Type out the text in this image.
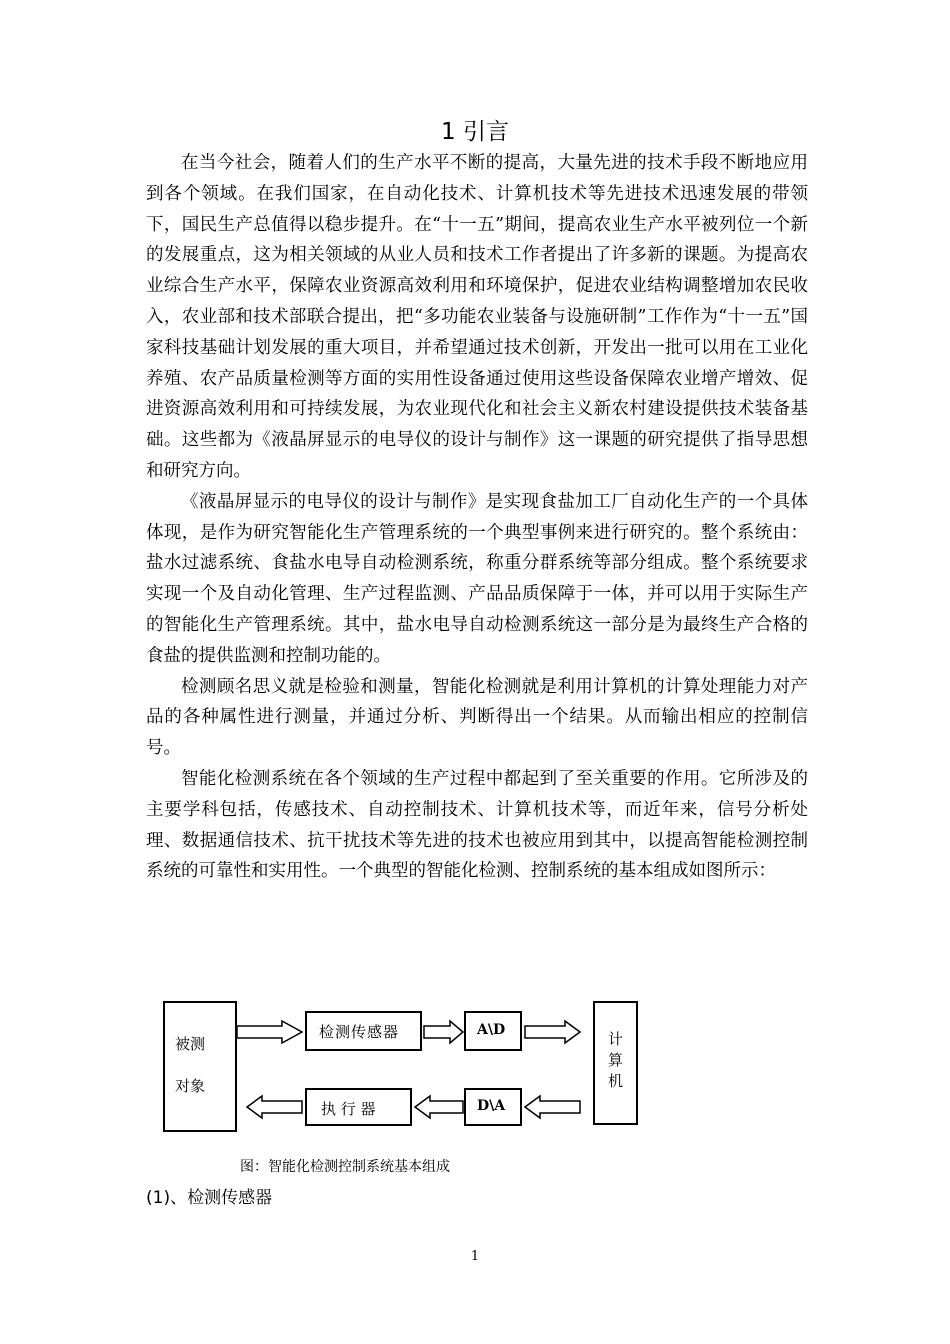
1 引言

在当今社会，随着人们的生产水平不断的提高，大量先进的技术手段不断地应用到各个领域。在我们国家，在自动化技术、计算机技术等先进技术迅速发展的带领下，国民生产总值得以稳步提升。在“十一五”期间，提高农业生产水平被列位一个新的发展重点，这为相关领域的从业人员和技术工作者提出了许多新的课题。为提高农业综合生产水平，保障农业资源高效利用和环境保护，促进农业结构调整增加农民收入，农业部和技术部联合提出，把“多功能农业装备与设施研制”工作作为“十一五”国家科技基础计划发展的重大项目，并希望通过技术创新，开发出一批可以用在工业化养殖、农产品质量检测等方面的实用性设备通过使用这些设备保障农业增产增效、促进资源高效利用和可持续发展，为农业现代化和社会主义新农村建设提供技术装备基础。这些都为《液晶屏显示的电导仪的设计与制作》这一课题的研究提供了指导思想和研究方向。

《液晶屏显示的电导仪的设计与制作》是实现食盐加工厂自动化生产的一个具体体现，是作为研究智能化生产管理系统的一个典型事例来进行研究的。整个系统由：盐水过滤系统、食盐水电导自动检测系统，称重分群系统等部分组成。整个系统要求实现一个及自动化管理、生产过程监测、产品品质保障于一体，并可以用于实际生产的智能化生产管理系统。其中，盐水电导自动检测系统这一部分是为最终生产合格的食盐的提供监测和控制功能的。

检测顾名思义就是检验和测量，智能化检测就是利用计算机的计算处理能力对产品的各种属性进行测量，并通过分析、判断得出一个结果。从而输出相应的控制信号。

智能化检测系统在各个领域的生产过程中都起到了至关重要的作用。它所涉及的主要学科包括，传感技术、自动控制技术、计算机技术等，而近年来，信号分析处理、数据通信技术、抗干扰技术等先进的技术也被应用到其中，以提高智能检测控制系统的可靠性和实用性。一个典型的智能化检测、控制系统的基本组成如图所示：

被测
对象
检测传感器	A\D	计
算
机
执 行 器	D\A
图：智能化检测控制系统基本组成
(1)、检测传感器
1
